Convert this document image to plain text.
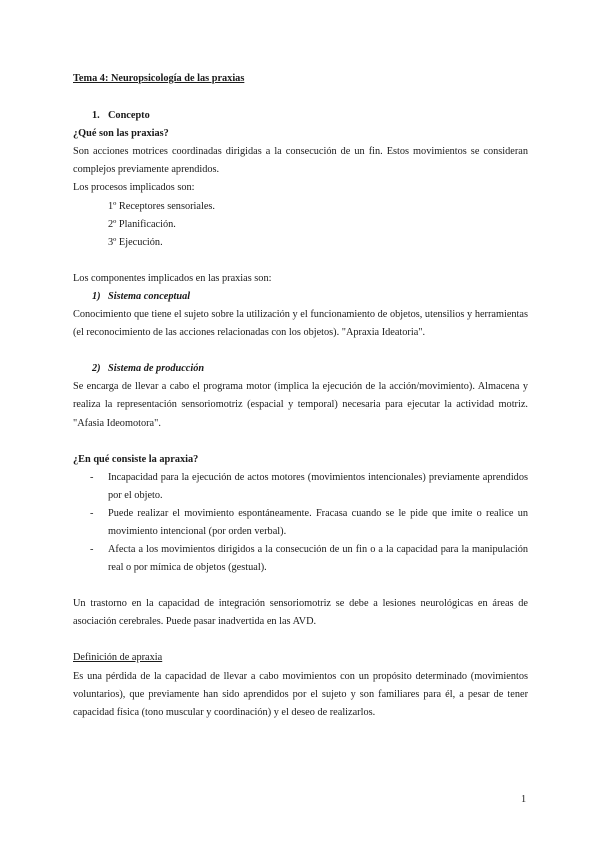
Tema 4: Neuropsicología de las praxias

1. Concepto

¿Qué son las praxias?

Son acciones motrices coordinadas dirigidas a la consecución de un fin. Estos movimientos se consideran complejos previamente aprendidos.

Los procesos implicados son:

1º Receptores sensoriales.

2º Planificación.

3º Ejecución.

Los componentes implicados en las praxias son:

1) Sistema conceptual

Conocimiento que tiene el sujeto sobre la utilización y el funcionamiento de objetos, utensilios y herramientas (el reconocimiento de las acciones relacionadas con los objetos). "Apraxia Ideatoria".

2) Sistema de producción

Se encarga de llevar a cabo el programa motor (implica la ejecución de la acción/movimiento). Almacena y realiza la representación sensoriomotriz (espacial y temporal) necesaria para ejecutar la actividad motriz. "Afasia Ideomotora".

¿En qué consiste la apraxia?

- Incapacidad para la ejecución de actos motores (movimientos intencionales) previamente aprendidos por el objeto.
- Puede realizar el movimiento espontáneamente. Fracasa cuando se le pide que imite o realice un movimiento intencional (por orden verbal).
- Afecta a los movimientos dirigidos a la consecución de un fin o a la capacidad para la manipulación real o por mímica de objetos (gestual).

Un trastorno en la capacidad de integración sensoriomotriz se debe a lesiones neurológicas en áreas de asociación cerebrales. Puede pasar inadvertida en las AVD.

Definición de apraxia

Es una pérdida de la capacidad de llevar a cabo movimientos con un propósito determinado (movimientos voluntarios), que previamente han sido aprendidos por el sujeto y son familiares para él, a pesar de tener capacidad física (tono muscular y coordinación) y el deseo de realizarlos.

1
